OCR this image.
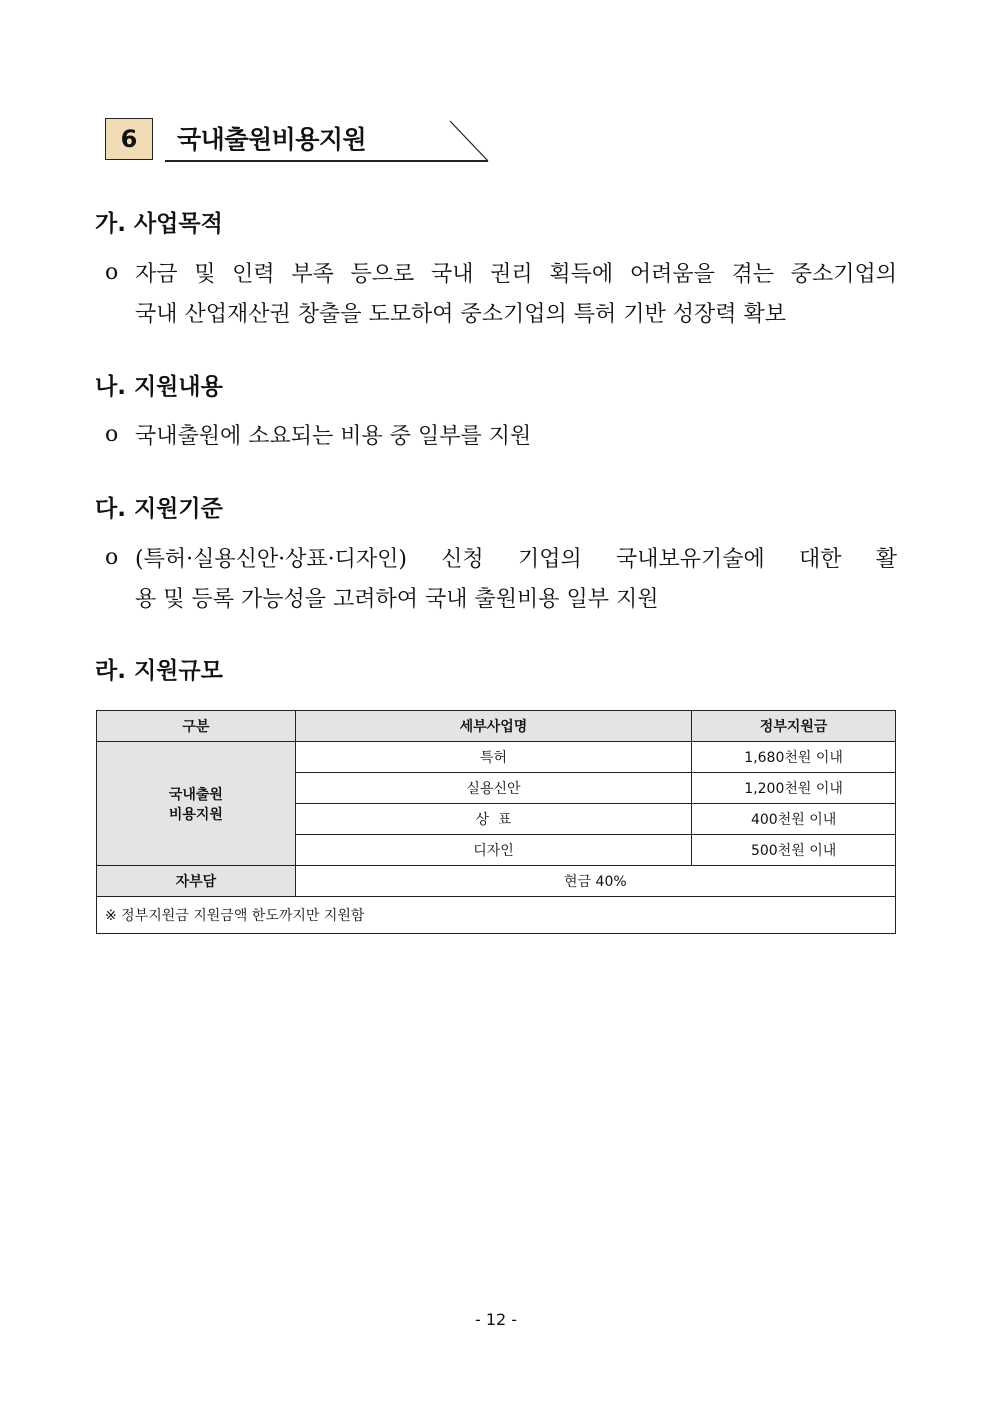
6	국내출원비용지원
가. 사업목적
o 자금 및 인력 부족 등으로 국내 권리 획득에 어려움을 겪는 중소기업의
국내 산업재산권 창출을 도모하여 중소기업의 특허 기반 성장력 확보
나. 지원내용
o 국내출원에 소요되는 비용 중 일부를 지원
다. 지원기준
o (특허·실용신안·상표·디자인) 신청 기업의 국내보유기술에 대한 활
용 및 등록 가능성을 고려하여 국내 출원비용 일부 지원
라. 지원규모
구분	세부사업명	정부지원금

국내출원
비용지원	특허	1,680천원 이내
	실용신안	1,200천원 이내
	상  표	400천원 이내
	디자인	500천원 이내
자부담	현금 40%	
※ 정부지원금 지원금액 한도까지만 지원함		
- 12 -
